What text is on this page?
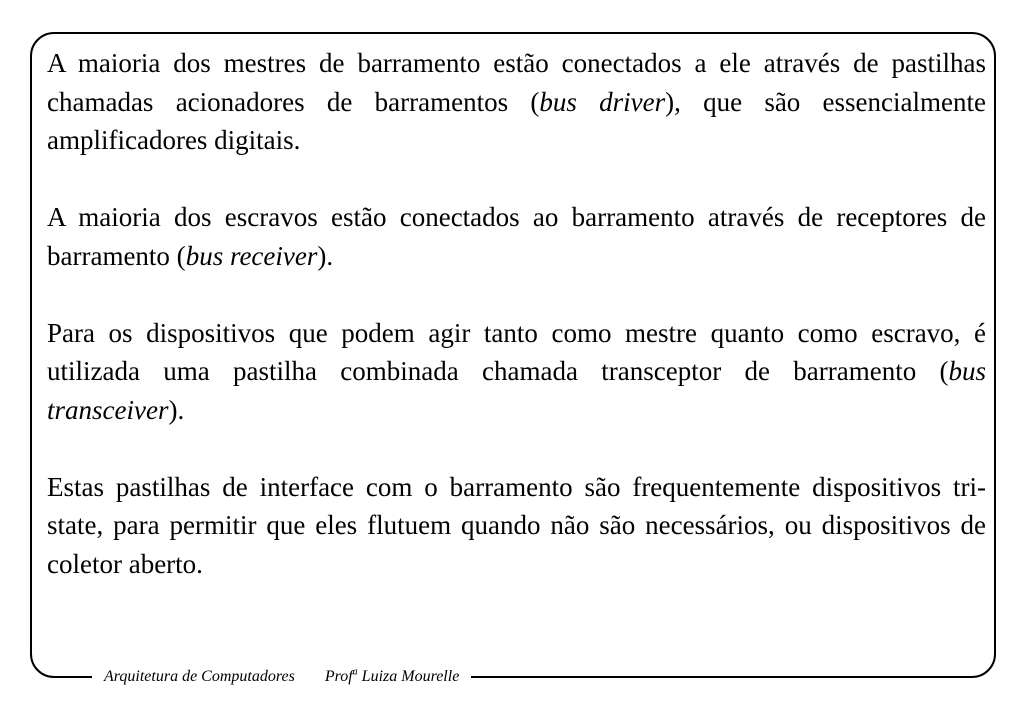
A maioria dos mestres de barramento estão conectados a ele através de pastilhas chamadas acionadores de barramentos (bus driver), que são essencialmente amplificadores digitais.

A maioria dos escravos estão conectados ao barramento através de receptores de barramento (bus receiver).

Para os dispositivos que podem agir tanto como mestre quanto como escravo, é utilizada uma pastilha combinada chamada transceptor de barramento (bus transceiver).

Estas pastilhas de interface com o barramento são frequentemente dispositivos tri-state, para permitir que eles flutuem quando não são necessários, ou dispositivos de coletor aberto.

Arquitetura de Computadores Prof$^a$ Luiza Mourelle
